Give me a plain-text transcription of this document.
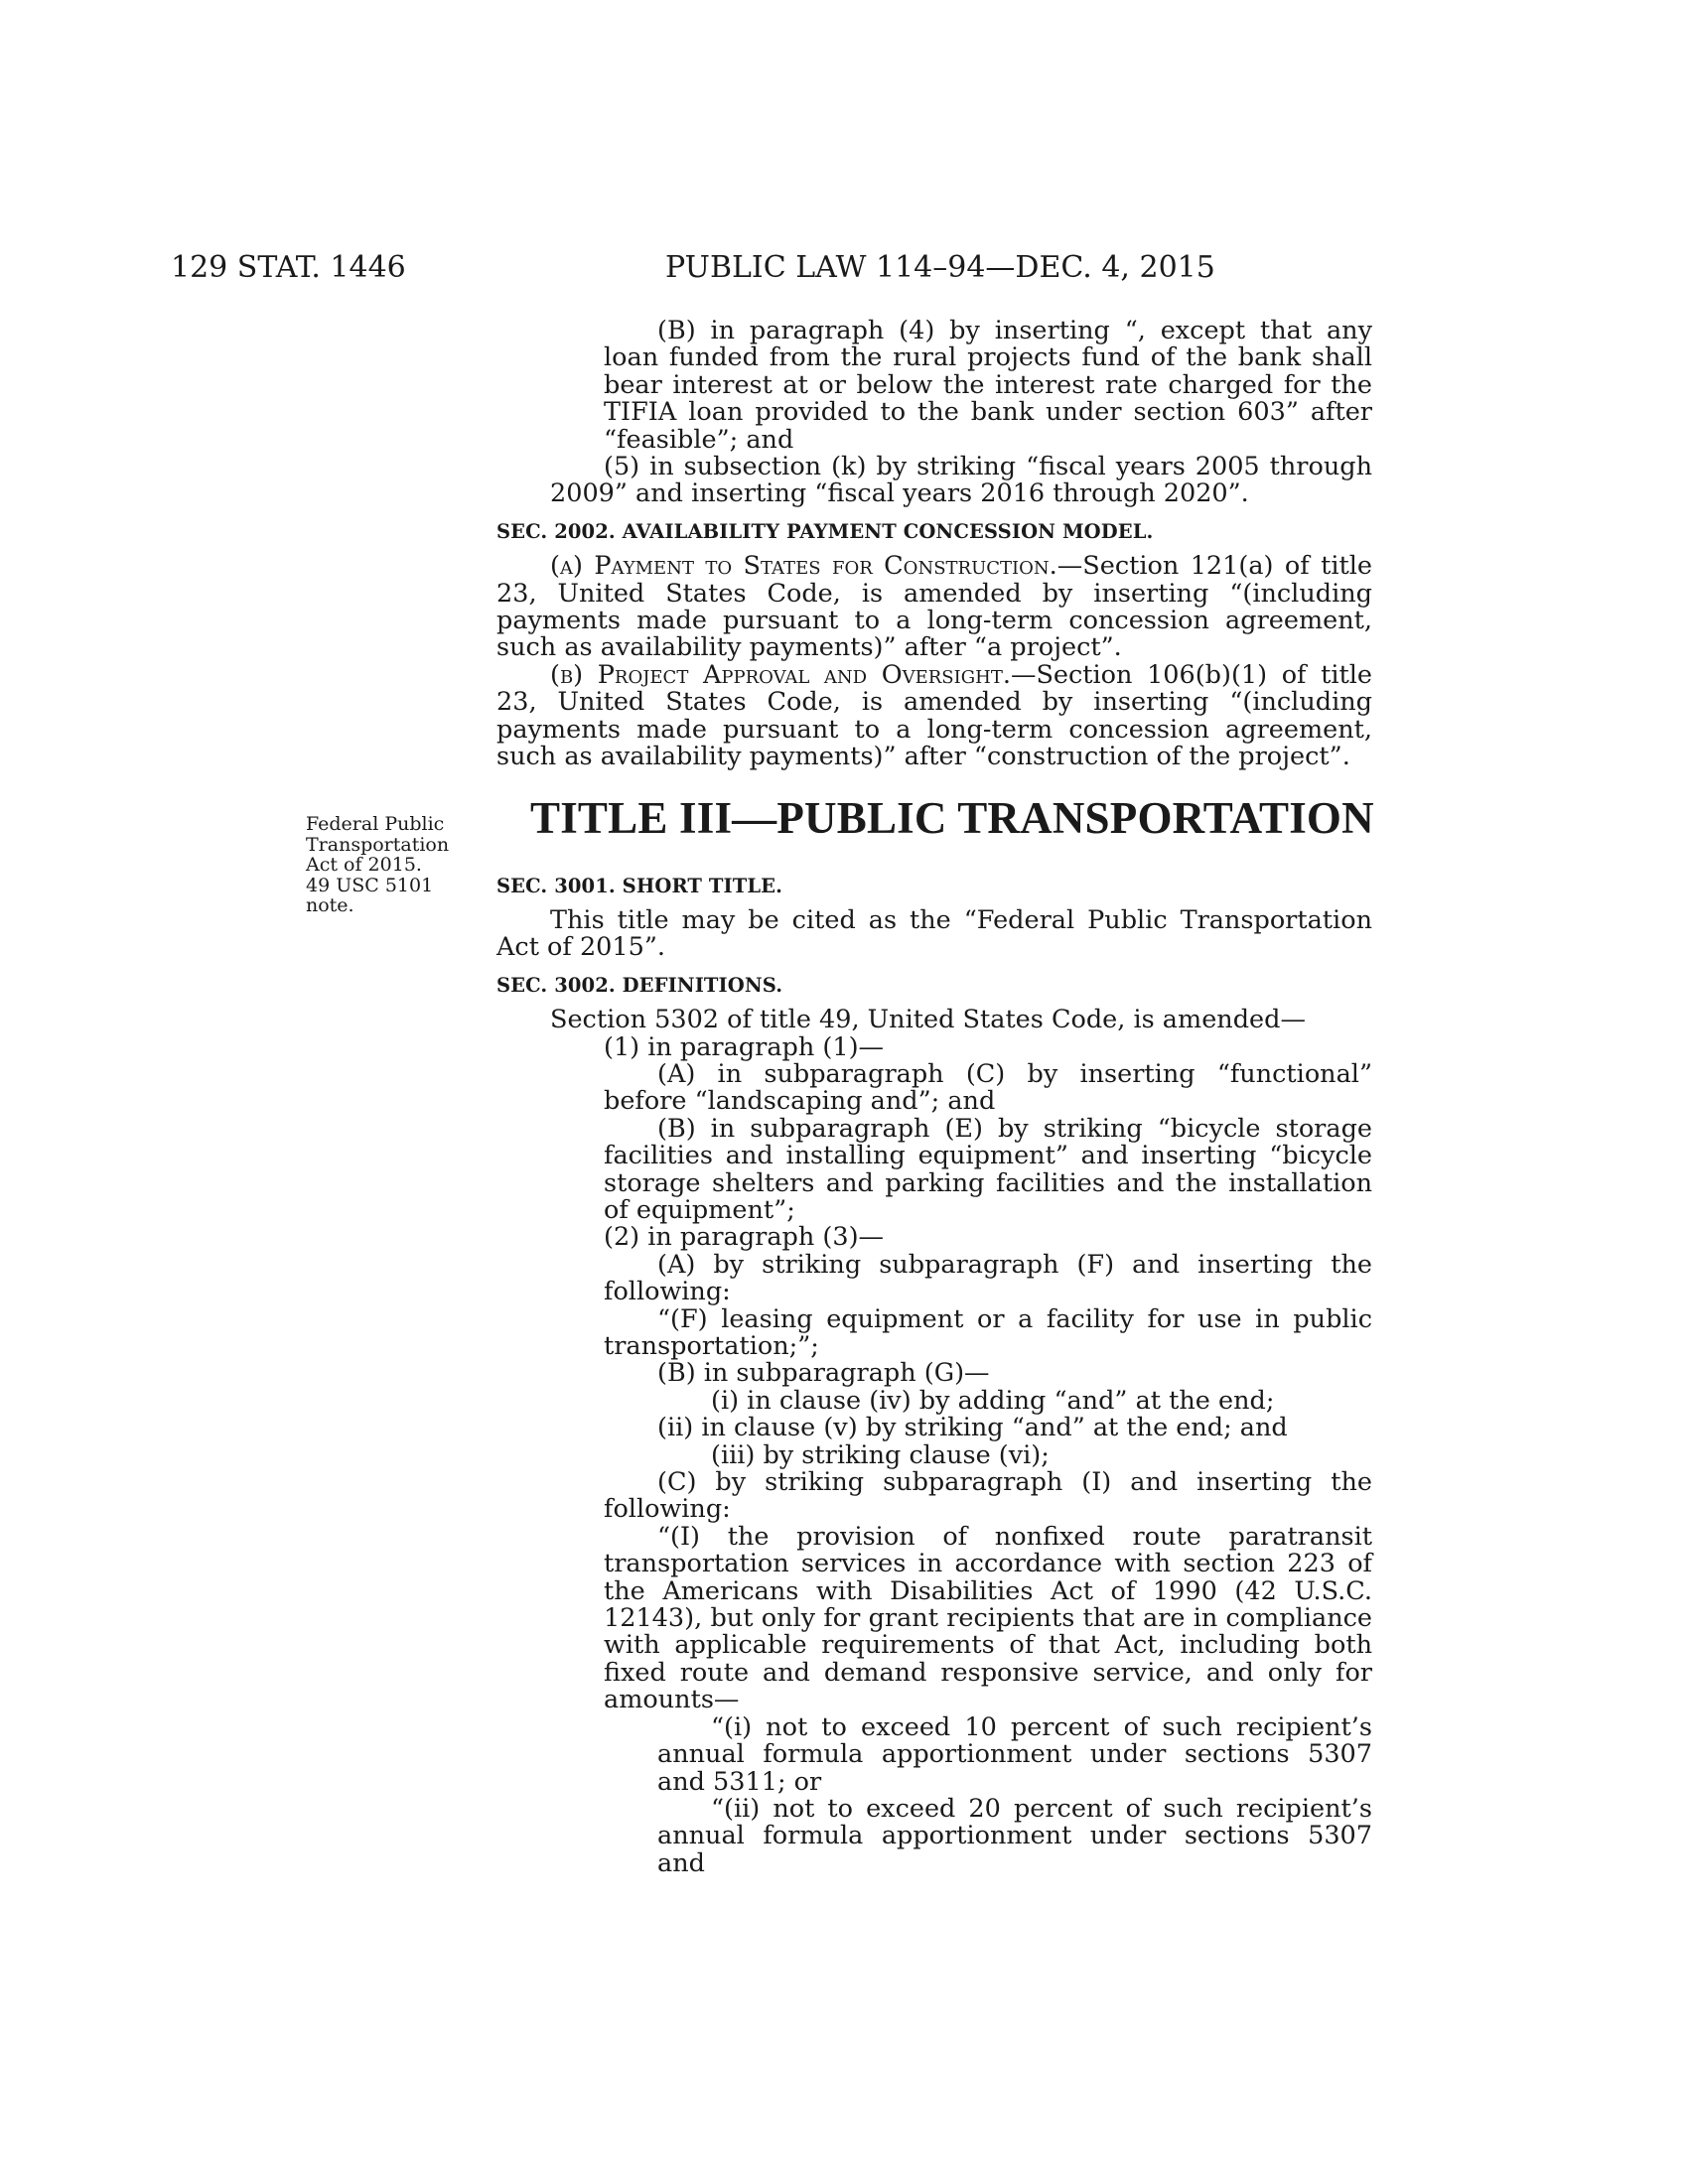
129 STAT. 1446	PUBLIC LAW 114–94—DEC. 4, 2015
Federal Public
Transportation
Act of 2015.
49 USC 5101
note.
TITLE III—PUBLIC TRANSPORTATION

(B) in paragraph (4) by inserting “, except that any loan funded from the rural projects fund of the bank shall bear interest at or below the interest rate charged for the TIFIA loan provided to the bank under section 603” after “feasible”; and

(5) in subsection (k) by striking “fiscal years 2005 through 2009” and inserting “fiscal years 2016 through 2020”.

SEC. 2002. AVAILABILITY PAYMENT CONCESSION MODEL.

(a) Payment to States for Construction.—Section 121(a) of title 23, United States Code, is amended by inserting “(including payments made pursuant to a long-term concession agreement, such as availability payments)” after “a project”.

(b) Project Approval and Oversight.—Section 106(b)(1) of title 23, United States Code, is amended by inserting “(including payments made pursuant to a long-term concession agreement, such as availability payments)” after “construction of the project”.

SEC. 3001. SHORT TITLE.

This title may be cited as the “Federal Public Transportation Act of 2015”.

SEC. 3002. DEFINITIONS.

Section 5302 of title 49, United States Code, is amended—

(1) in paragraph (1)—

(A) in subparagraph (C) by inserting “functional” before “landscaping and”; and

(B) in subparagraph (E) by striking “bicycle storage facilities and installing equipment” and inserting “bicycle storage shelters and parking facilities and the installation of equipment”;

(2) in paragraph (3)—

(A) by striking subparagraph (F) and inserting the following:

“(F) leasing equipment or a facility for use in public transportation;”;

(B) in subparagraph (G)—

(i) in clause (iv) by adding “and” at the end;

(ii) in clause (v) by striking “and” at the end; and

(iii) by striking clause (vi);

(C) by striking subparagraph (I) and inserting the following:

“(I) the provision of nonfixed route paratransit transportation services in accordance with section 223 of the Americans with Disabilities Act of 1990 (42 U.S.C. 12143), but only for grant recipients that are in compliance with applicable requirements of that Act, including both fixed route and demand responsive service, and only for amounts—

“(i) not to exceed 10 percent of such recipient’s annual formula apportionment under sections 5307 and 5311; or

“(ii) not to exceed 20 percent of such recipient’s annual formula apportionment under sections 5307 and
